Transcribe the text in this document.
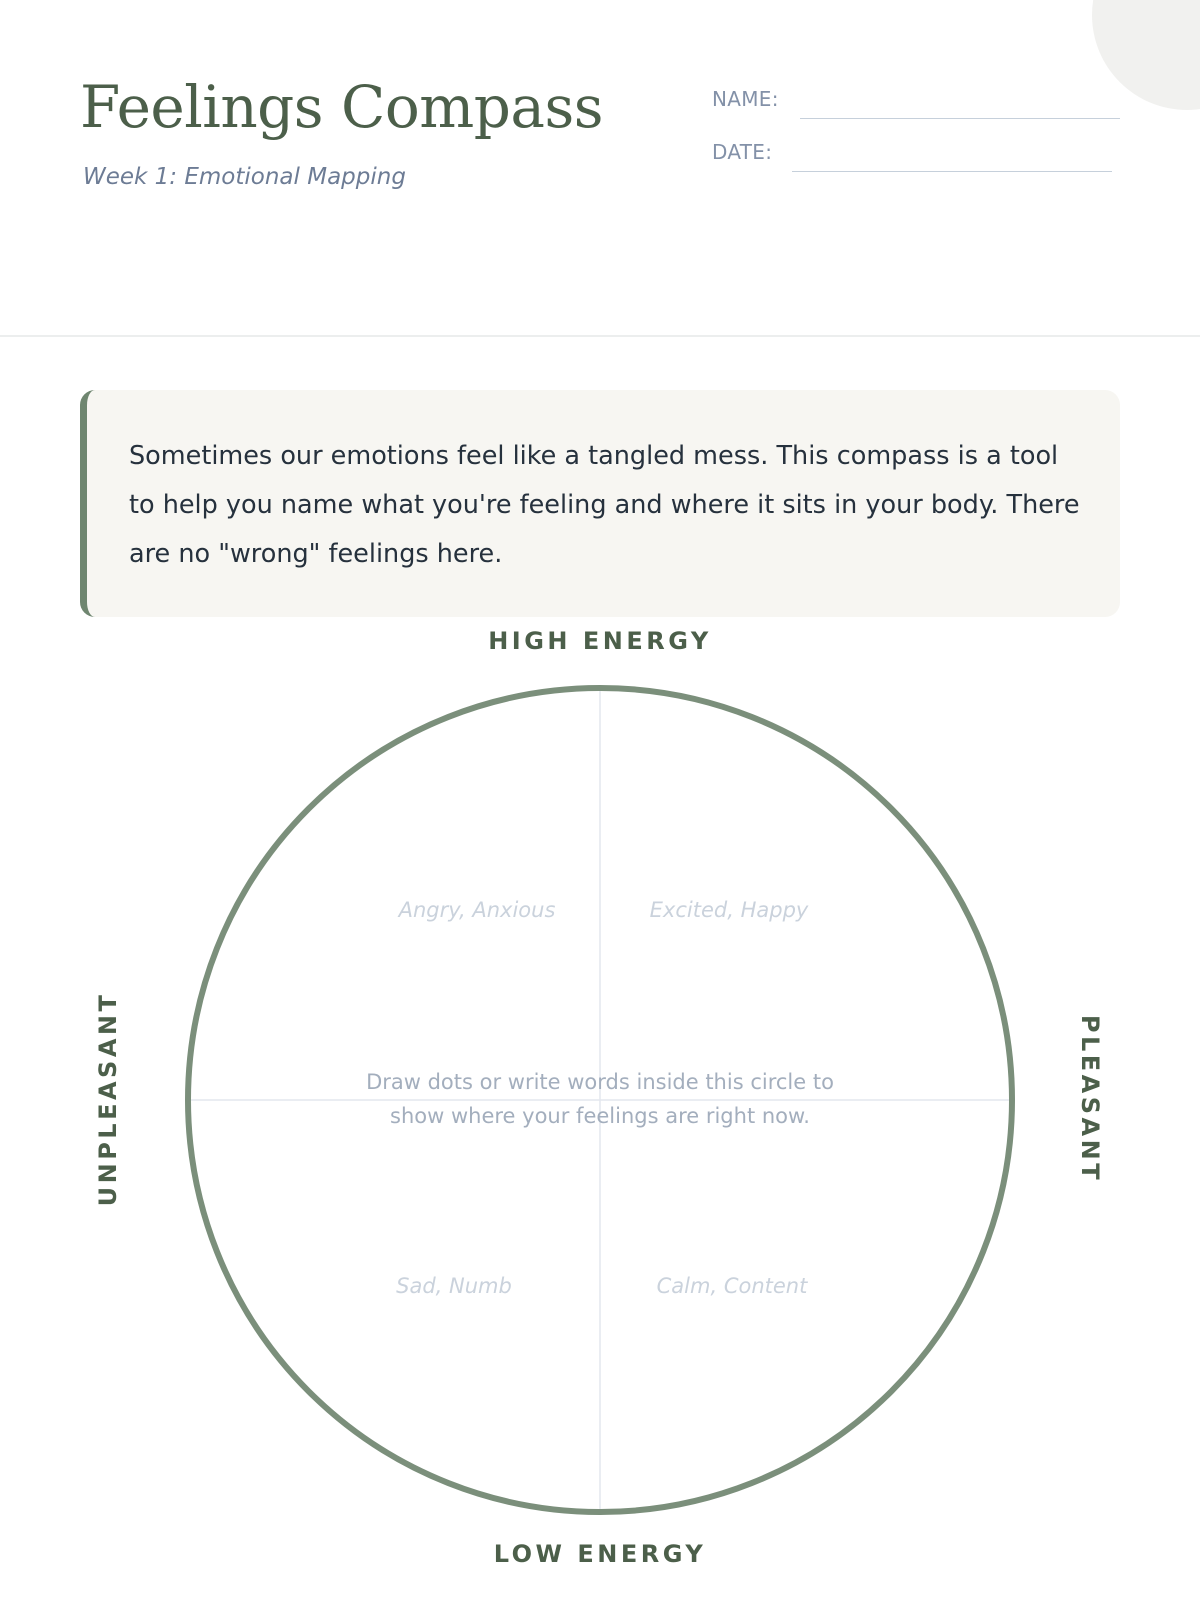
Feelings Compass
Week 1: Emotional Mapping
NAME:
DATE:

Sometimes our emotions feel like a tangled mess. This compass is a tool to help you name what you're feeling and where it sits in your body. There are no "wrong" feelings here.

HIGH ENERGY
LOW ENERGY
UNPLEASANT	PLEASANT
Angry, Anxious	Excited, Happy
Sad, Numb	Calm, Content
Draw dots or write words inside this circle to
show where your feelings are right now.
